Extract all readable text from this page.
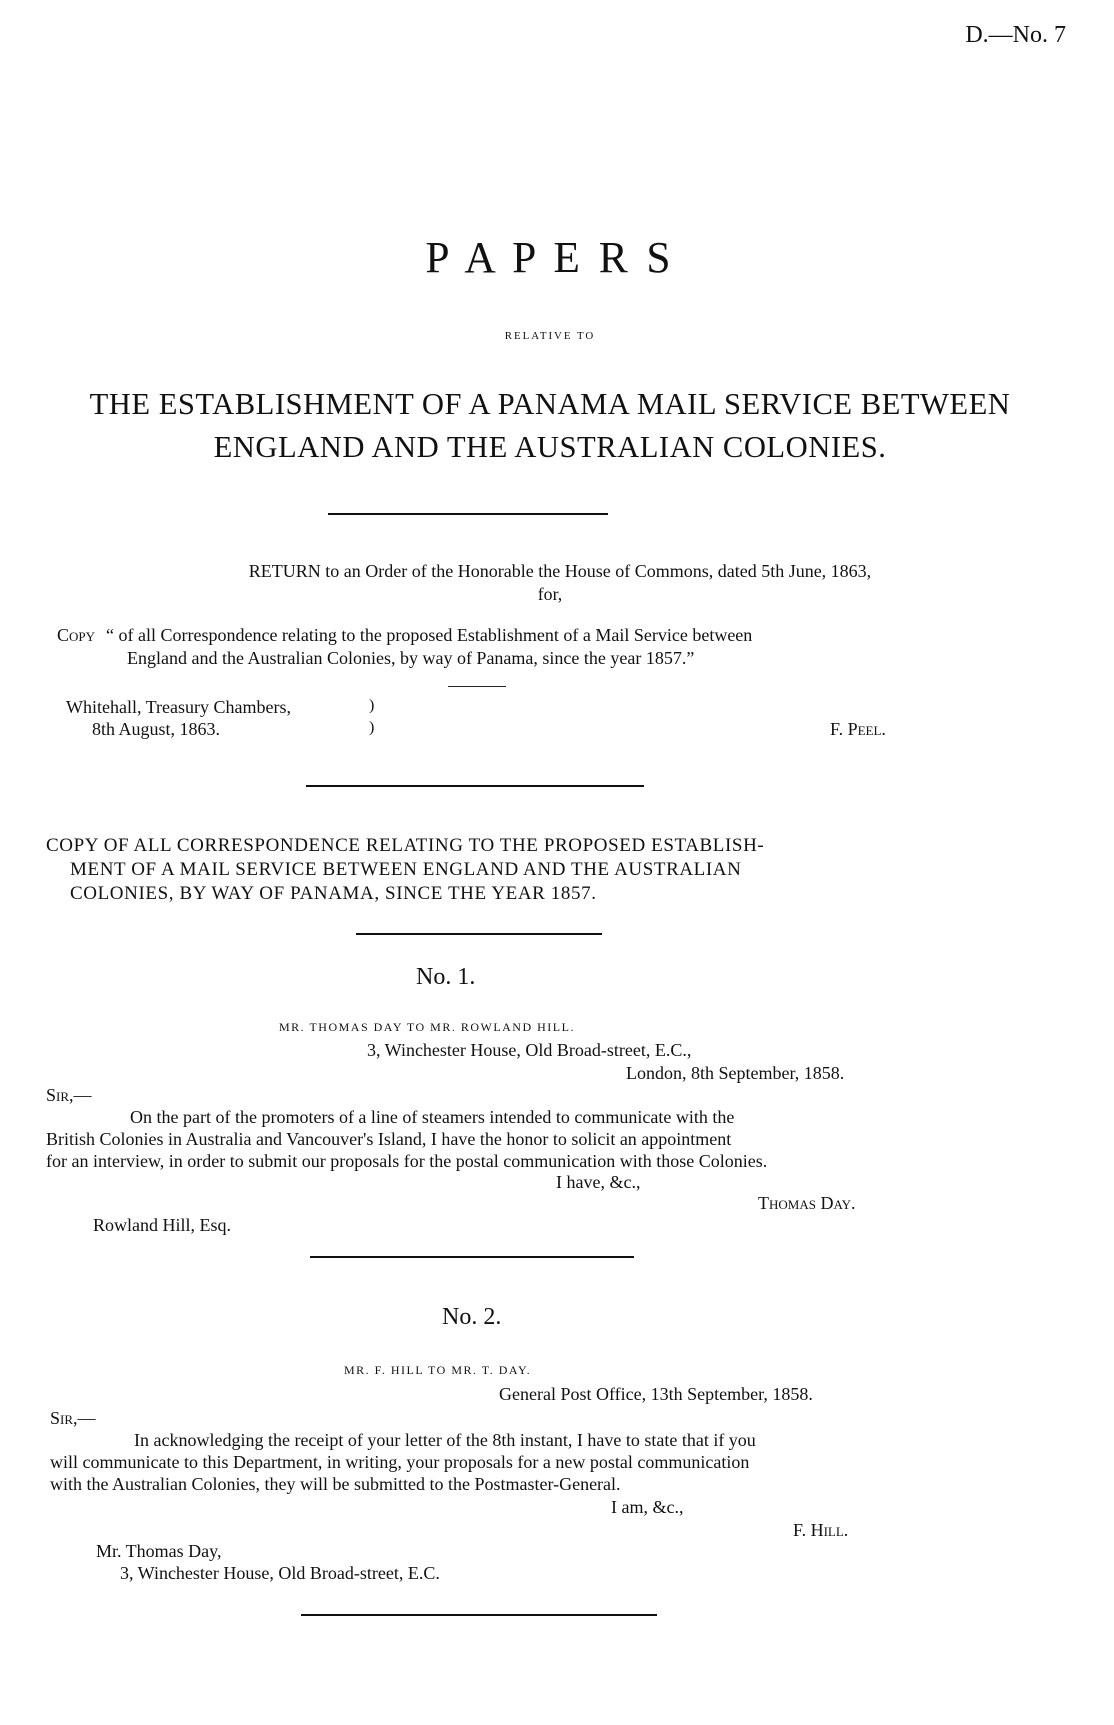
D.—No. 7
P A P E R S
RELATIVE TO
THE ESTABLISHMENT OF A PANAMA MAIL SERVICE BETWEEN
ENGLAND AND THE AUSTRALIAN COLONIES.
RETURN to an Order of the Honorable the House of Commons, dated 5th June, 1863,
for,
Copy “ of all Correspondence relating to the proposed Establishment of a Mail Service between
England and the Australian Colonies, by way of Panama, since the year 1857.”
Whitehall, Treasury Chambers,
8th August, 1863.
)
)	F. Peel.
COPY OF ALL CORRESPONDENCE RELATING TO THE PROPOSED ESTABLISH-
MENT OF A MAIL SERVICE BETWEEN ENGLAND AND THE AUSTRALIAN
COLONIES, BY WAY OF PANAMA, SINCE THE YEAR 1857.
No. 1.
MR. THOMAS DAY TO MR. ROWLAND HILL.
3, Winchester House, Old Broad-street, E.C.,
London, 8th September, 1858.
Sir,—
On the part of the promoters of a line of steamers intended to communicate with the
British Colonies in Australia and Vancouver's Island, I have the honor to solicit an appointment
for an interview, in order to submit our proposals for the postal communication with those Colonies.
I have, &c.,
Thomas Day.
Rowland Hill, Esq.
No. 2.
MR. F. HILL TO MR. T. DAY.
General Post Office, 13th September, 1858.
Sir,—
In acknowledging the receipt of your letter of the 8th instant, I have to state that if you
will communicate to this Department, in writing, your proposals for a new postal communication
with the Australian Colonies, they will be submitted to the Postmaster-General.
I am, &c.,
F. Hill.
Mr. Thomas Day,
3, Winchester House, Old Broad-street, E.C.
